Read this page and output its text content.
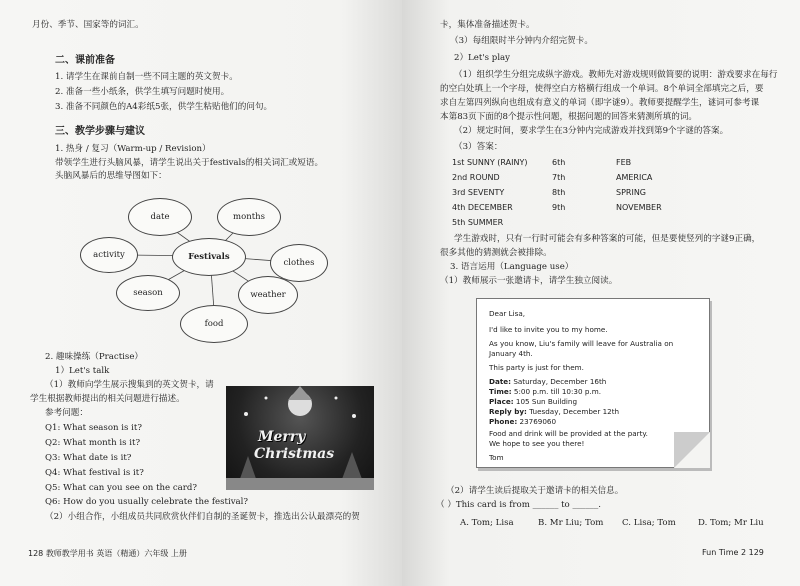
月份、季节、国家等的词汇。
二、课前准备
1. 请学生在课前自制一些不同主题的英文贺卡。
2. 准备一些小纸条，供学生填写问题时使用。
3. 准备不同颜色的A4彩纸5张，供学生粘贴他们的问句。
三、教学步骤与建议
1. 热身 / 复习（Warm-up / Revision）
带领学生进行头脑风暴，请学生说出关于festivals的相关词汇或短语。
头脑风暴后的思维导图如下：
Festivals
date	months
clothes
weather
food
season
activity
2. 趣味操练（Practise）
1）Let's talk
（1）教师向学生展示搜集到的英文贺卡，请
学生根据教师提出的相关问题进行描述。
参考问题：
Q1: What season is it?
Q2: What month is it?
Q3: What date is it?
Q4: What festival is it?
Q5: What can you see on the card?
Q6: How do you usually celebrate the festival?
（2）小组合作，小组成员共同欣赏伙伴们自制的圣诞贺卡，推选出公认最漂亮的贺
Merry
Christmas
128 教师教学用书 英语（精通）六年级 上册
卡，集体准备描述贺卡。
（3）每组限时半分钟内介绍完贺卡。
2）Let's play
（1）组织学生分组完成纵字游戏。教师先对游戏规则做简要的说明：游戏要求在每行
的空白处填上一个字母，使得空白方格横行组成一个单词。8个单词全部填完之后，要
求自左第四列纵向也组成有意义的单词（即字谜9）。教师要提醒学生，谜词可参考课
本第83页下面的8个提示性问题，根据问题的回答来猜测所填的词。
（2）规定时间，要求学生在3分钟内完成游戏并找到第9个字谜的答案。
（3）答案：
1st SUNNY (RAINY)	6th	FEB
2nd ROUND	7th	AMERICA
3rd SEVENTY	8th	SPRING
4th DECEMBER	9th	NOVEMBER
5th SUMMER
学生游戏时，只有一行时可能会有多种答案的可能，但是要使竖列的字谜9正确，
很多其他的猜测就会被排除。
3. 语言运用（Language use）
（1）教师展示一张邀请卡，请学生独立阅读。
Dear Lisa,
I'd like to invite you to my home.
As you know, Liu's family will leave for Australia on
January 4th.
This party is just for them.
Date: Saturday, December 16th
Time: 5:00 p.m. till 10:30 p.m.
Place: 105 Sun Building
Reply by: Tuesday, December 12th
Phone: 23769060
Food and drink will be provided at the party.
We hope to see you there!
Tom
（2）请学生读后提取关于邀请卡的相关信息。
（ ）This card is from ______ to ______.
A. Tom; Lisa	B. Mr Liu; Tom C. Lisa; Tom	D. Tom; Mr Liu
Fun Time 2 129
